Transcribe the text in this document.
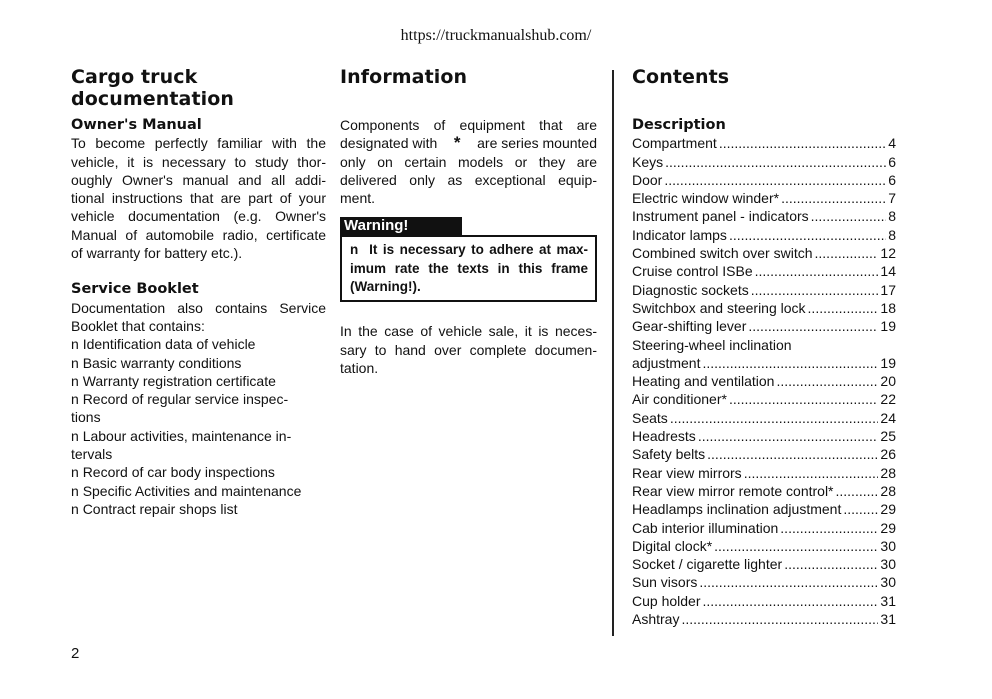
https://truckmanualshub.com/
Cargo truck
documentation
Owner's Manual
To become perfectly familiar with the
vehicle, it is necessary to study thor-
oughly Owner's manual and all addi-
tional instructions that are part of your
vehicle documentation (e.g. Owner's
Manual of automobile radio, certificate
of warranty for battery etc.).
Service Booklet
Documentation also contains Service
Booklet that contains:
n Identification data of vehicle
n Basic warranty conditions
n Warranty registration certificate
n Record of regular service inspec-
tions
n Labour activities, maintenance in-
tervals
n Record of car body inspections
n Specific Activities and maintenance
n Contract repair shops list
Information
Components of equipment that are
designated with * are series mounted
only on certain models or they are
delivered only as exceptional equip-
ment.
Warning!
n It is necessary to adhere at max-
imum rate the texts in this frame
(Warning!).
In the case of vehicle sale, it is neces-
sary to hand over complete documen-
tation.
Contents
Description
Compartment .....	4
Keys .....	6
Door .....	6
Electric window winder* .....	7
Instrument panel - indicators .....	8
Indicator lamps .....	8
Combined switch over switch .....	12
Cruise control ISBe .....	14
Diagnostic sockets .....	17
Switchbox and steering lock .....	18
Gear-shifting lever .....	19
Steering-wheel inclination
adjustment .....	19
Heating and ventilation .....	20
Air conditioner* .....	22
Seats .....	24
Headrests .....	25
Safety belts .....	26
Rear view mirrors .....	28
Rear view mirror remote control* .....	28
Headlamps inclination adjustment .....	29
Cab interior illumination .....	29
Digital clock* .....	30
Socket / cigarette lighter .....	30
Sun visors .....	30
Cup holder .....	31
Ashtray .....	31
2
